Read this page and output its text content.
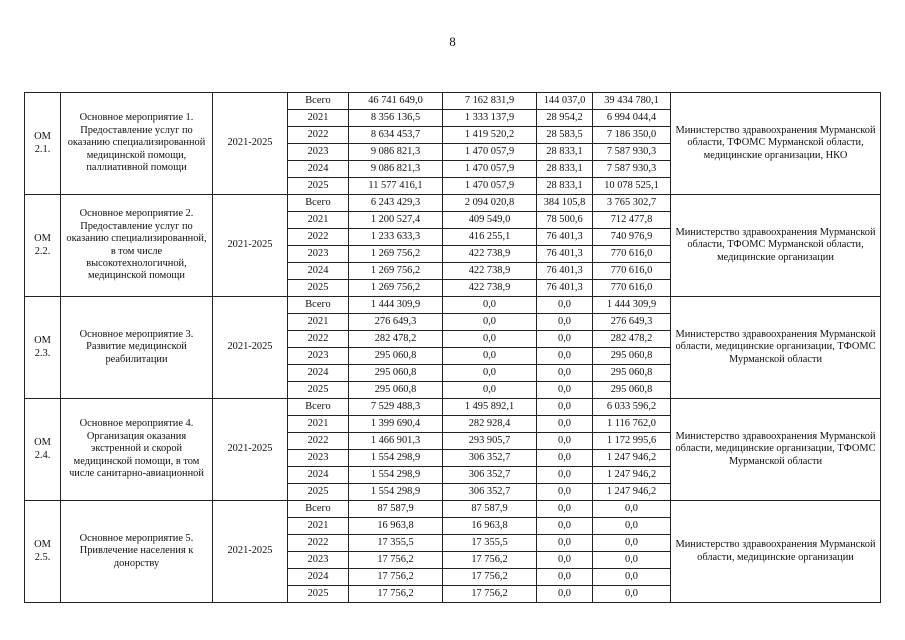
8
ОМ 2.1.	Основное мероприятие 1. Предоставление услуг по оказанию специализированной медицинской помощи, паллиативной помощи	2021-2025	Всего	46 741 649,0	7 162 831,9	144 037,0	39 434 780,1	Министерство здравоохранения Мурманской области, ТФОМС Мурманской области, медицинские организации, НКО
			2021	8 356 136,5	1 333 137,9	28 954,2	6 994 044,4	
			2022	8 634 453,7	1 419 520,2	28 583,5	7 186 350,0	
			2023	9 086 821,3	1 470 057,9	28 833,1	7 587 930,3	
			2024	9 086 821,3	1 470 057,9	28 833,1	7 587 930,3	
			2025	11 577 416,1	1 470 057,9	28 833,1	10 078 525,1	
ОМ 2.2.	Основное мероприятие 2. Предоставление услуг по оказанию специализированной, в том числе высокотехнологичной, медицинской помощи	2021-2025	Всего	6 243 429,3	2 094 020,8	384 105,8	3 765 302,7	Министерство здравоохранения Мурманской области, ТФОМС Мурманской области, медицинские организации
			2021	1 200 527,4	409 549,0	78 500,6	712 477,8	
			2022	1 233 633,3	416 255,1	76 401,3	740 976,9	
			2023	1 269 756,2	422 738,9	76 401,3	770 616,0	
			2024	1 269 756,2	422 738,9	76 401,3	770 616,0	
			2025	1 269 756,2	422 738,9	76 401,3	770 616,0	
ОМ 2.3.	Основное мероприятие 3. Развитие медицинской реабилитации	2021-2025	Всего	1 444 309,9	0,0	0,0	1 444 309,9	Министерство здравоохранения Мурманской области, медицинские организации, ТФОМС Мурманской области
			2021	276 649,3	0,0	0,0	276 649,3	
			2022	282 478,2	0,0	0,0	282 478,2	
			2023	295 060,8	0,0	0,0	295 060,8	
			2024	295 060,8	0,0	0,0	295 060,8	
			2025	295 060,8	0,0	0,0	295 060,8	
ОМ 2.4.	Основное мероприятие 4. Организация оказания экстренной и скорой медицинской помощи, в том числе санитарно-авиационной	2021-2025	Всего	7 529 488,3	1 495 892,1	0,0	6 033 596,2	Министерство здравоохранения Мурманской области, медицинские организации, ТФОМС Мурманской области
			2021	1 399 690,4	282 928,4	0,0	1 116 762,0	
			2022	1 466 901,3	293 905,7	0,0	1 172 995,6	
			2023	1 554 298,9	306 352,7	0,0	1 247 946,2	
			2024	1 554 298,9	306 352,7	0,0	1 247 946,2	
			2025	1 554 298,9	306 352,7	0,0	1 247 946,2	
ОМ 2.5.	Основное мероприятие 5. Привлечение населения к донорству	2021-2025	Всего	87 587,9	87 587,9	0,0	0,0	Министерство здравоохранения Мурманской области, медицинские организации
			2021	16 963,8	16 963,8	0,0	0,0	
			2022	17 355,5	17 355,5	0,0	0,0	
			2023	17 756,2	17 756,2	0,0	0,0	
			2024	17 756,2	17 756,2	0,0	0,0	
			2025	17 756,2	17 756,2	0,0	0,0	
